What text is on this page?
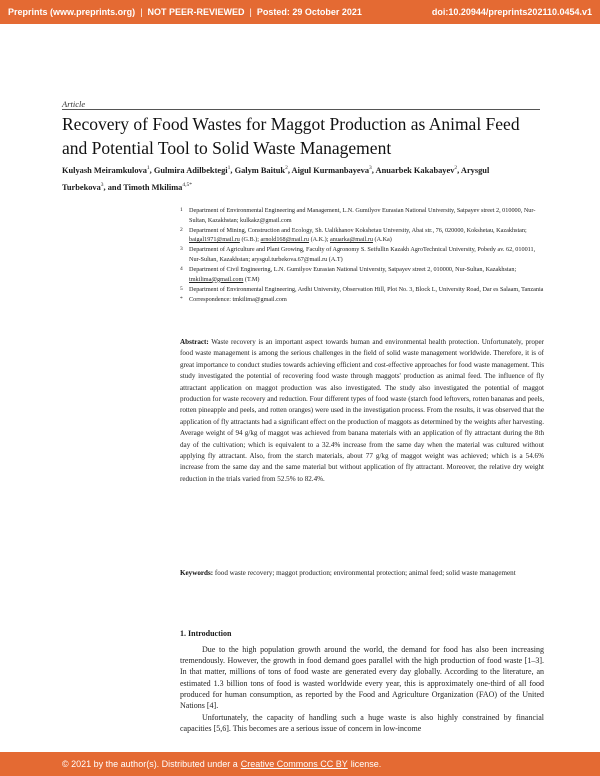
Preprints (www.preprints.org) | NOT PEER-REVIEWED | Posted: 29 October 2021	doi:10.20944/preprints202110.0454.v1
Article
Recovery of Food Wastes for Maggot Production as Animal Feed and Potential Tool to Solid Waste Management
Kulyash Meiramkulova$^1$, Gulmira Adilbektegi$^1$, Galym Baituk$^2$, Aigul Kurmanbayeva$^3$, Anuarbek Kakabayev$^2$, Arysgul Turbekova$^3$, and Timoth Mkilima$^{4,5*}$
1 Department of Environmental Engineering and Management, L.N. Gumilyov Eurasian National University, Satpayev street 2, 010000, Nur-Sultan, Kazakhstan; kulkakz@gmail.com
2 Department of Mining, Construction and Ecology, Sh. Ualikhanov Kokshetau University, Abai str., 76, 020000, Kokshetau, Kazakhstan; baigal1971@mail.ru (G.B.); arnold168@mail.ru (A.K.); anuarka@mail.ru (A.Ka)
3 Department of Agriculture and Plant Growing, Faculty of Agronomy S. Seifullin Kazakh AgroTechnical University, Pobedy av. 62, 010011, Nur-Sultan, Kazakhstan; arysgul.turbekova.67@mail.ru (A.T)
4 Department of Civil Engineering, L.N. Gumilyov Eurasian National University, Satpayev street 2, 010000, Nur-Sultan, Kazakhstan; tmkilima@gmail.com (T.M)
5 Department of Environmental Engineering, Ardhi University, Observation Hill, Plot No. 3, Block L, University Road, Dar es Salaam, Tanzania
* Correspondence: tmkilima@gmail.com
Abstract: Waste recovery is an important aspect towards human and environmental health protection. Unfortunately, proper food waste management is among the serious challenges in the field of solid waste management worldwide. Therefore, it is of great importance to conduct studies towards achieving efficient and cost-effective approaches for food waste management. This study investigated the potential of recovering food waste through maggots' production as animal feed. The influence of fly attractant application on maggot production was also investigated. The study also investigated the potential of maggot production for waste recovery and reduction. Four different types of food waste (starch food leftovers, rotten bananas and peels, rotten pineapple and peels, and rotten oranges) were used in the investigation process. From the results, it was observed that the application of fly attractants had a significant effect on the production of maggots as determined by the weights after harvesting. Average weight of 94 g/kg of maggot was achieved from banana materials with an application of fly attractant during the 8th day of the cultivation; which is equivalent to a 32.4% increase from the same day when the material was cultured without applying fly attractant. Also, from the starch materials, about 77 g/kg of maggot weight was achieved; which is a 54.6% increase from the same day and the same material but without application of fly attractant. Moreover, the relative dry weight reduction in the trials varied from 52.5% to 82.4%.
Keywords: food waste recovery; maggot production; environmental protection; animal feed; solid waste management
1. Introduction

Due to the high population growth around the world, the demand for food has also been increasing tremendously. However, the growth in food demand goes parallel with the high production of food waste [1–3]. In that matter, millions of tons of food waste are generated every day globally. According to the literature, an estimated 1.3 billion tons of food is wasted worldwide every year, this is approximately one-third of all food produced for human consumption, as reported by the Food and Agriculture Organization (FAO) of the United Nations [4].

Unfortunately, the capacity of handling such a huge waste is also highly constrained by financial capacities [5,6]. This becomes are a serious issue of concern in low-income

© 2021 by the author(s). Distributed under a Creative Commons CC BY license.
